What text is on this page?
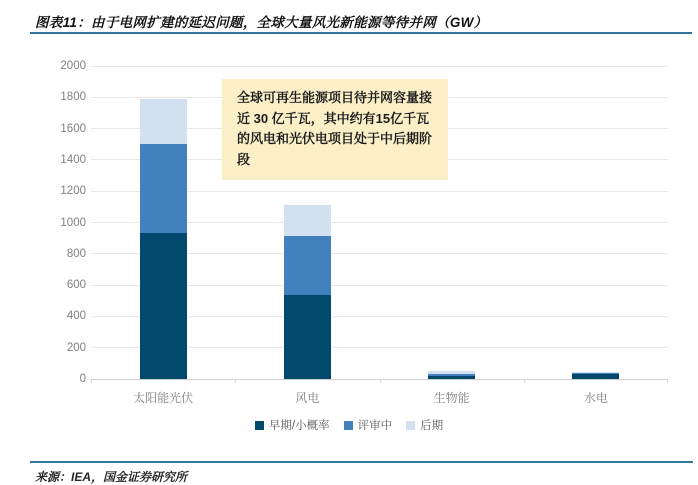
图表11：由于电网扩建的延迟问题，全球大量风光新能源等待并网（GW）
0
200
400
600
800
1000
1200
1400
1600
1800
2000
全球可再生能源项目待并网容量接近 30 亿千瓦，其中约有15亿千瓦的风电和光伏电项目处于中后期阶段
太阳能光伏	风电	生物能	水电
早期/小概率 评审中 后期
来源：IEA，国金证券研究所
